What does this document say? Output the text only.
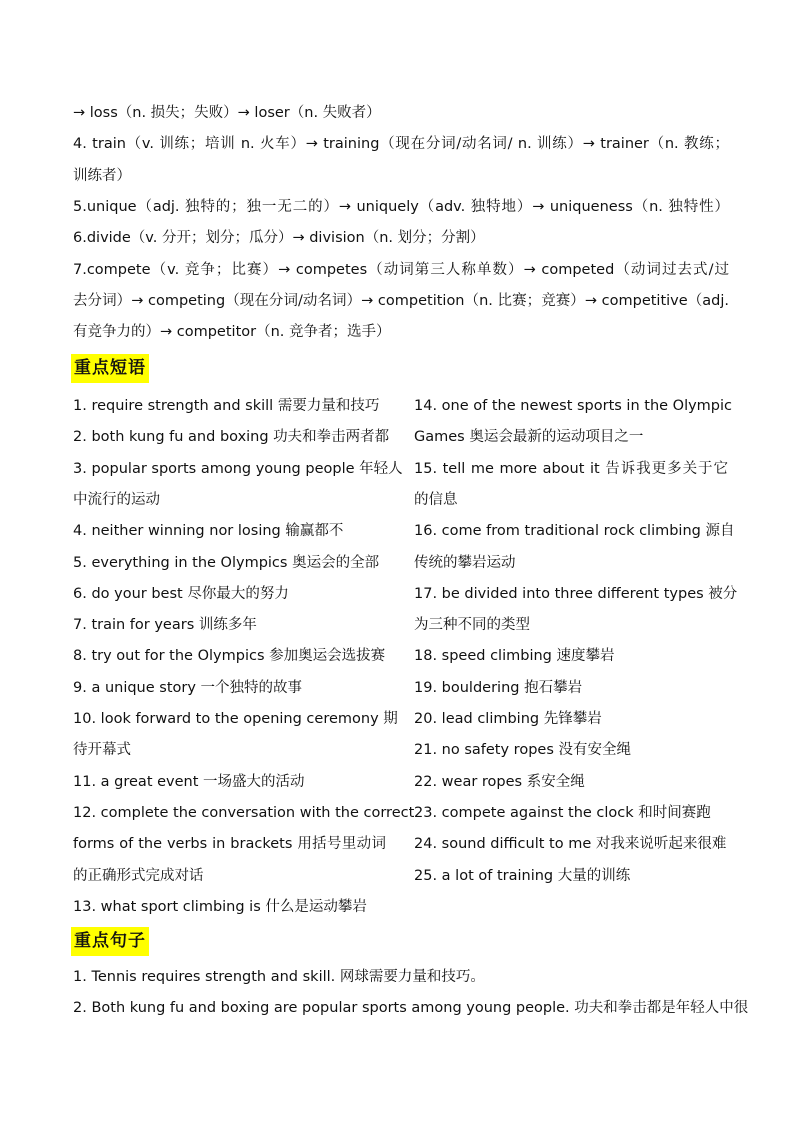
→ loss（n. 损失；失败）→ loser（n. 失败者）
4. train（v. 训练；培训 n. 火车）→ training（现在分词/动名词/ n. 训练）→ trainer（n. 教练；
训练者）
5.unique（adj. 独特的；独一无二的）→ uniquely（adv. 独特地）→ uniqueness（n. 独特性）
6.divide（v. 分开；划分；瓜分）→ division（n. 划分；分割）
7.compete（v. 竞争；比赛）→ competes（动词第三人称单数）→ competed（动词过去式/过
去分词）→ competing（现在分词/动名词）→ competition（n. 比赛；竞赛）→ competitive（adj.
有竞争力的）→ competitor（n. 竞争者；选手）
重点短语
1. require strength and skill 需要力量和技巧
2. both kung fu and boxing 功夫和拳击两者都
3. popular sports among young people 年轻人
中流行的运动
4. neither winning nor losing 输赢都不
5. everything in the Olympics 奥运会的全部
6. do your best 尽你最大的努力
7. train for years 训练多年
8. try out for the Olympics 参加奥运会选拔赛
9. a unique story 一个独特的故事
10. look forward to the opening ceremony 期
待开幕式
11. a great event 一场盛大的活动
12. complete the conversation with the correct
forms of the verbs in brackets 用括号里动词
的正确形式完成对话
13. what sport climbing is 什么是运动攀岩
14. one of the newest sports in the Olympic
Games 奥运会最新的运动项目之一
15. tell me more about it 告诉我更多关于它
的信息
16. come from traditional rock climbing 源自
传统的攀岩运动
17. be divided into three different types 被分
为三种不同的类型
18. speed climbing 速度攀岩
19. bouldering 抱石攀岩
20. lead climbing 先锋攀岩
21. no safety ropes 没有安全绳
22. wear ropes 系安全绳
23. compete against the clock 和时间赛跑
24. sound difficult to me 对我来说听起来很难
25. a lot of training 大量的训练
重点句子
1. Tennis requires strength and skill. 网球需要力量和技巧。
2. Both kung fu and boxing are popular sports among young people. 功夫和拳击都是年轻人中很
